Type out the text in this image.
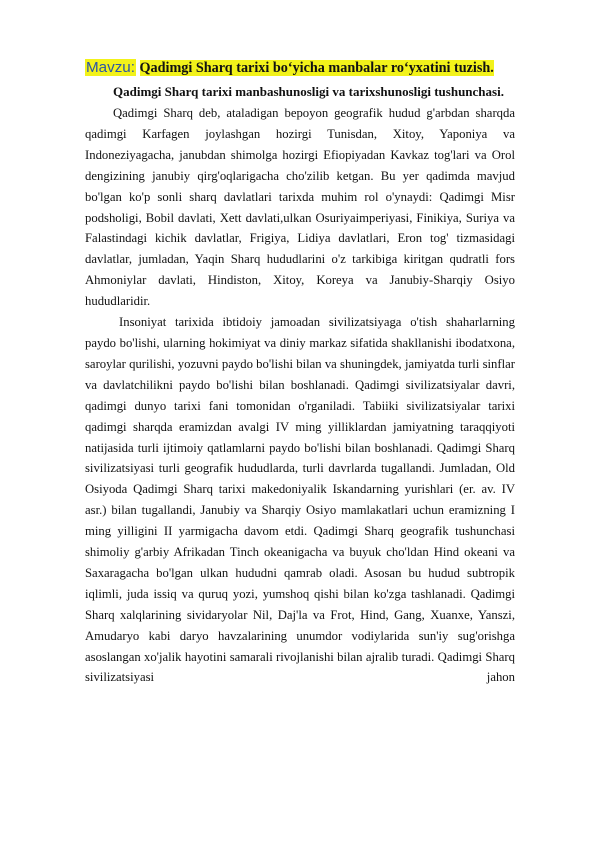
Mavzu: Qadimgi Sharq tarixi bo‘yicha manbalar ro‘yxatini tuzish.
Qadimgi Sharq tarixi manbashunosligi va tarixshunosligi tushunchasi.

Qadimgi Sharq deb, ataladigan bepoyon geografik hudud g'arbdan sharqda qadimgi Karfagen joylashgan hozirgi Tunisdan, Xitoy, Yaponiya va Indoneziyagacha, janubdan shimolga hozirgi Efiopiyadan Kavkaz tog'lari va Orol dengizining janubiy qirg'oqlarigacha cho'zilib ketgan. Bu yer qadimda mavjud bo'lgan ko'p sonli sharq davlatlari tarixda muhim rol o'ynaydi: Qadimgi Misr podsholigi, Bobil davlati, Xett davlati,ulkan Osuriyaimperiyasi, Finikiya, Suriya va Falastindagi kichik davlatlar, Frigiya, Lidiya davlatlari, Eron tog' tizmasidagi davlatlar, jumladan, Yaqin Sharq hududlarini o'z tarkibiga kiritgan qudratli fors Ahmoniylar davlati, Hindiston, Xitoy, Koreya va Janubiy-Sharqiy Osiyo hududlaridir.

Insoniyat tarixida ibtidoiy jamoadan sivilizatsiyaga o'tish shaharlarning paydo bo'lishi, ularning hokimiyat va diniy markaz sifatida shakllanishi ibodatxona, saroylar qurilishi, yozuvni paydo bo'lishi bilan va shuningdek, jamiyatda turli sinflar va davlatchilikni paydo bo'lishi bilan boshlanadi. Qadimgi sivilizatsiyalar davri, qadimgi dunyo tarixi fani tomonidan o'rganiladi. Tabiiki sivilizatsiyalar tarixi qadimgi sharqda eramizdan avalgi IV ming yilliklardan jamiyatning taraqqiyoti natijasida turli ijtimoiy qatlamlarni paydo bo'lishi bilan boshlanadi. Qadimgi Sharq sivilizatsiyasi turli geografik hududlarda, turli davrlarda tugallandi. Jumladan, Old Osiyoda Qadimgi Sharq tarixi makedoniyalik Iskandarning yurishlari (er. av. IV asr.) bilan tugallandi, Janubiy va Sharqiy Osiyo mamlakatlari uchun eramizning I ming yilligini II yarmigacha davom etdi. Qadimgi Sharq geografik tushunchasi shimoliy g'arbiy Afrikadan Tinch okeanigacha va buyuk cho'ldan Hind okeani va Saxaragacha bo'lgan ulkan hududni qamrab oladi. Asosan bu hudud subtropik iqlimli, juda issiq va quruq yozi, yumshoq qishi bilan ko'zga tashlanadi. Qadimgi Sharq xalqlarining sividaryolar Nil, Daj'la va Frot, Hind, Gang, Xuanxe, Yanszi, Amudaryo kabi daryo havzalarining unumdor vodiylarida sun'iy sug'orishga asoslangan xo'jalik hayotini samarali rivojlanishi bilan ajralib turadi. Qadimgi Sharq sivilizatsiyasi jahon
